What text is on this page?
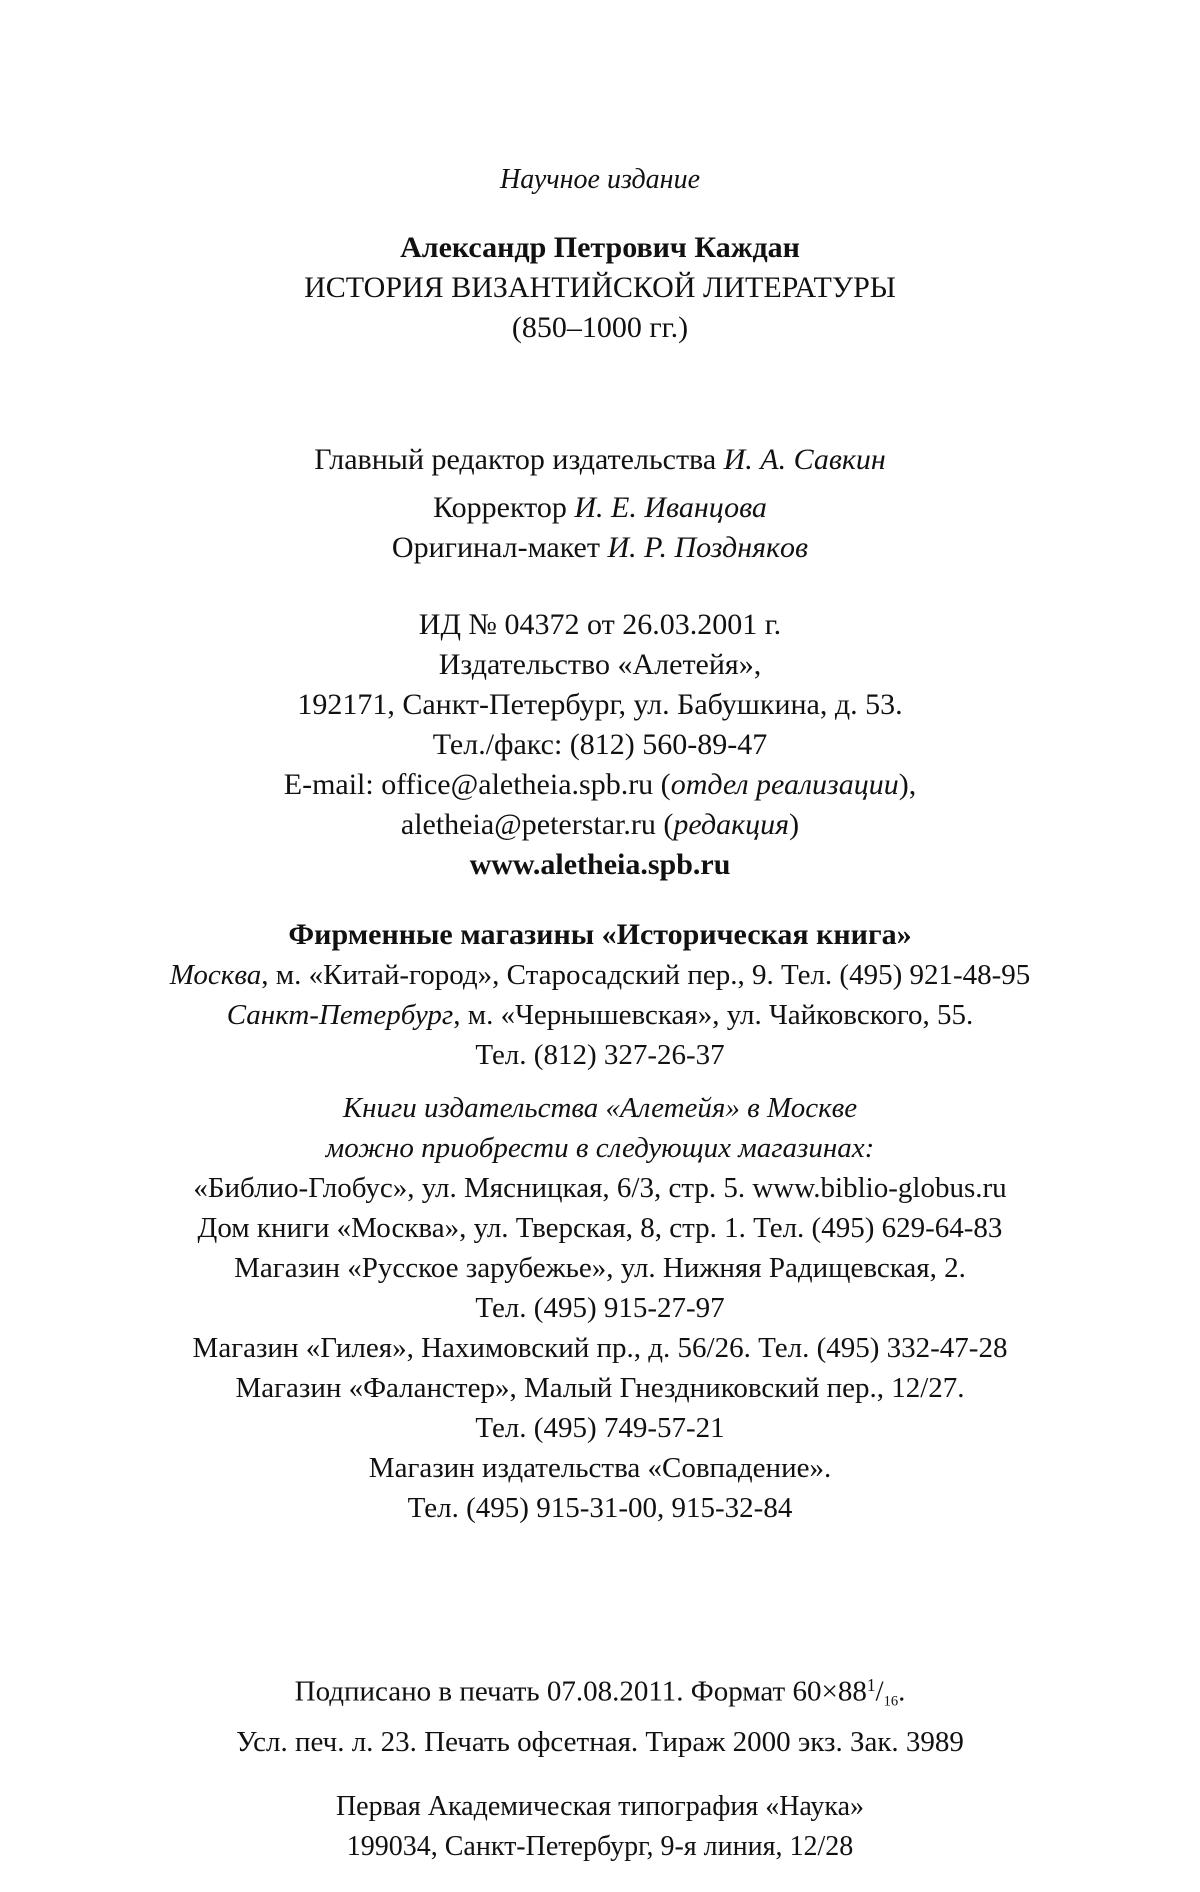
Научное издание
Александр Петрович Каждан
ИСТОРИЯ ВИЗАНТИЙСКОЙ ЛИТЕРАТУРЫ
(850–1000 гг.)
Главный редактор издательства И. А. Савкин
Корректор И. Е. Иванцова
Оригинал-макет И. Р. Позднякoв
ИД № 04372 от 26.03.2001 г.
Издательство «Алетейя»,
192171, Санкт-Петербург, ул. Бабушкина, д. 53.
Тел./факс: (812) 560-89-47
E-mail: office@aletheia.spb.ru (отдел реализации),
aletheia@peterstar.ru (редакция)
www.aletheia.spb.ru
Фирменные магазины «Историческая книга»
Москва, м. «Китай-город», Старосадский пер., 9. Тел. (495) 921-48-95
Санкт-Петербург, м. «Чернышевская», ул. Чайковского, 55.
Тел. (812) 327-26-37
Книги издательства «Алетейя» в Москве
можно приобрести в следующих магазинах:
«Библио-Глобус», ул. Мясницкая, 6/3, стр. 5. www.biblio-globus.ru
Дом книги «Москва», ул. Тверская, 8, стр. 1. Тел. (495) 629-64-83
Магазин «Русское зарубежье», ул. Нижняя Радищевская, 2.
Тел. (495) 915-27-97
Магазин «Гилея», Нахимовский пр., д. 56/26. Тел. (495) 332-47-28
Магазин «Фаланстер», Малый Гнездниковский пер., 12/27.
Тел. (495) 749-57-21
Магазин издательства «Совпадение».
Тел. (495) 915-31-00, 915-32-84
Подписано в печать 07.08.2011. Формат $60\times 88^1/_{16}$.
Усл. печ. л. 23. Печать офсетная. Тираж 2000 экз. Зак. 3989
Первая Академическая типография «Наука»
199034, Санкт-Петербург, 9-я линия, 12/28
